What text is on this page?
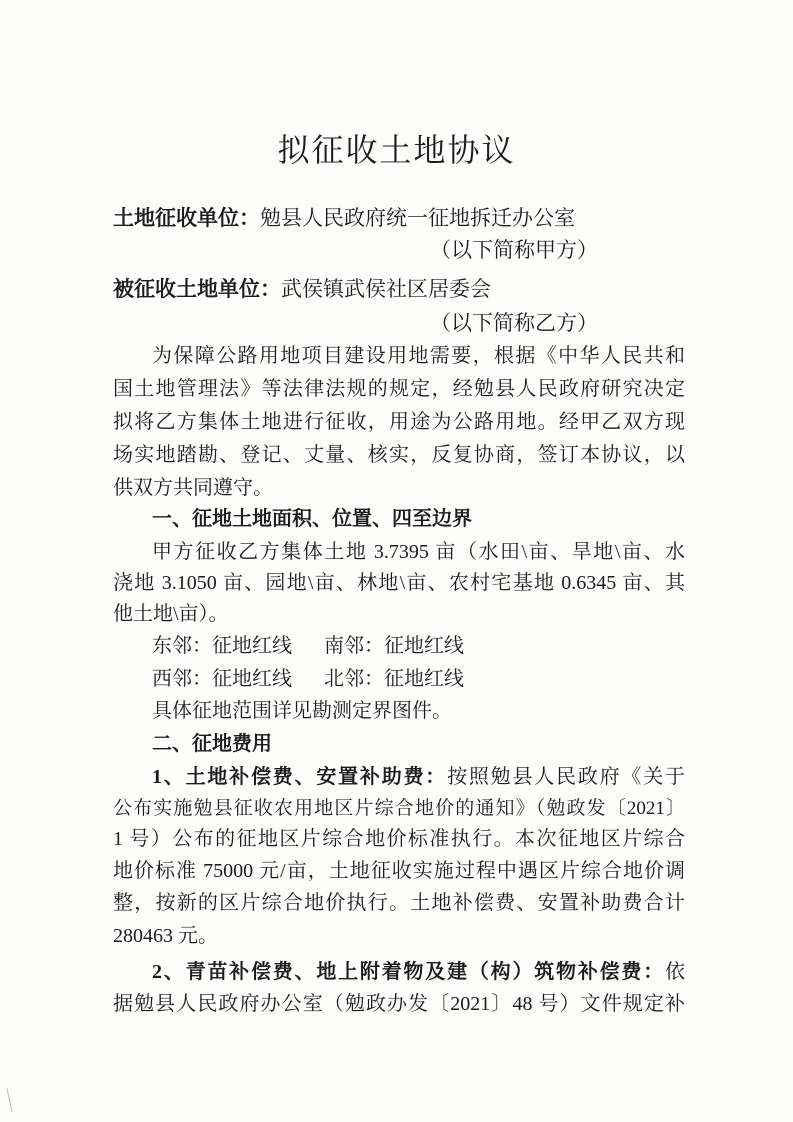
拟征收土地协议
土地征收单位：勉县人民政府统一征地拆迁办公室
（以下简称甲方）
被征收土地单位：武侯镇武侯社区居委会
（以下简称乙方）
为保障公路用地项目建设用地需要，根据《中华人民共和
国土地管理法》等法律法规的规定，经勉县人民政府研究决定
拟将乙方集体土地进行征收，用途为公路用地。经甲乙双方现
场实地踏勘、登记、丈量、核实，反复协商，签订本协议，以
供双方共同遵守。
一、征地土地面积、位置、四至边界
甲方征收乙方集体土地 3.7395 亩（水田\亩、旱地\亩、水
浇地 3.1050 亩、园地\亩、林地\亩、农村宅基地 0.6345 亩、其
他土地\亩）。
东邻：征地红线 南邻：征地红线
西邻：征地红线 北邻：征地红线
具体征地范围详见勘测定界图件。
二、征地费用
1、土地补偿费、安置补助费：按照勉县人民政府《关于
公布实施勉县征收农用地区片综合地价的通知》（勉政发〔2021〕
1 号）公布的征地区片综合地价标准执行。本次征地区片综合
地价标准 75000 元/亩，土地征收实施过程中遇区片综合地价调
整，按新的区片综合地价执行。土地补偿费、安置补助费合计
280463 元。
2、青苗补偿费、地上附着物及建（构）筑物补偿费：依
据勉县人民政府办公室（勉政办发〔2021〕48 号）文件规定补
